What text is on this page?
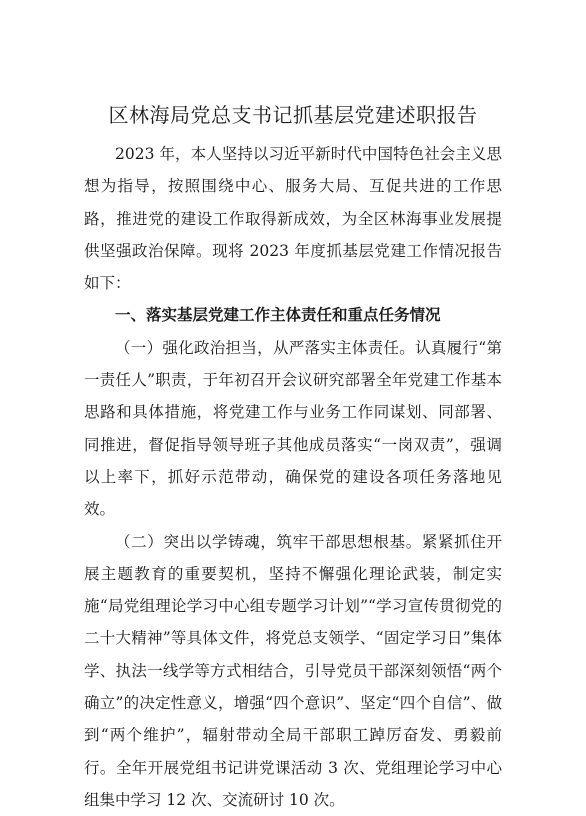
区林海局党总支书记抓基层党建述职报告

2023 年，本人坚持以习近平新时代中国特色社会主义思想为指导，按照围绕中心、服务大局、互促共进的工作思路，推进党的建设工作取得新成效，为全区林海事业发展提供坚强政治保障。现将 2023 年度抓基层党建工作情况报告如下：

一、落实基层党建工作主体责任和重点任务情况

（一）强化政治担当，从严落实主体责任。认真履行“第一责任人”职责，于年初召开会议研究部署全年党建工作基本思路和具体措施，将党建工作与业务工作同谋划、同部署、同推进，督促指导领导班子其他成员落实“一岗双责”，强调以上率下，抓好示范带动，确保党的建设各项任务落地见效。

（二）突出以学铸魂，筑牢干部思想根基。紧紧抓住开展主题教育的重要契机，坚持不懈强化理论武装，制定实施“局党组理论学习中心组专题学习计划”“学习宣传贯彻党的二十大精神”等具体文件，将党总支领学、“固定学习日”集体学、执法一线学等方式相结合，引导党员干部深刻领悟“两个确立”的决定性意义，增强“四个意识”、坚定“四个自信”、做到“两个维护”，辐射带动全局干部职工踔厉奋发、勇毅前行。全年开展党组书记讲党课活动 3 次、党组理论学习中心组集中学习 12 次、交流研讨 10 次。
